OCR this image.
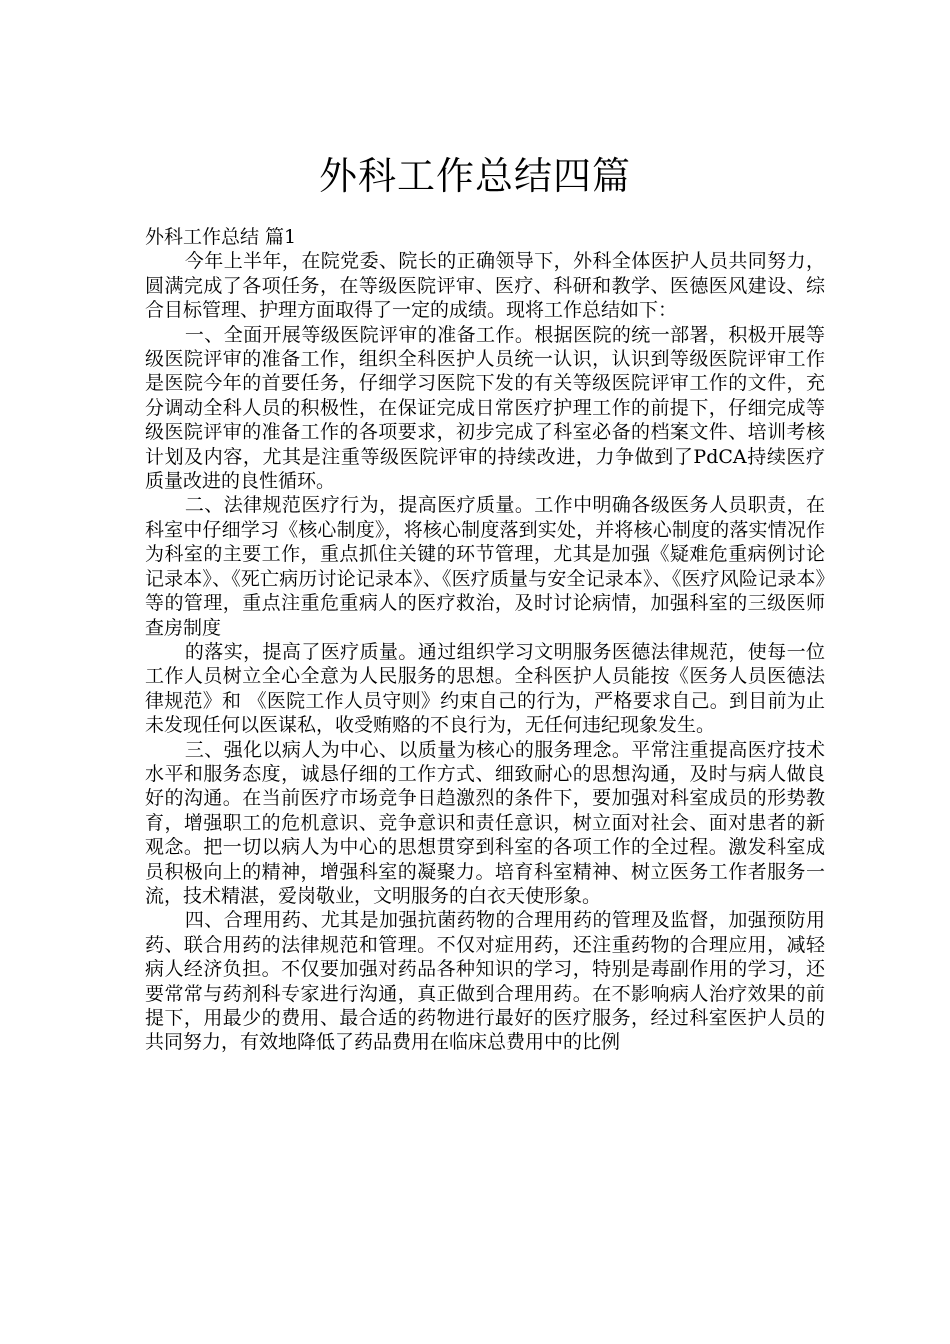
外科工作总结四篇

外科工作总结 篇1

今年上半年，在院党委、院长的正确领导下，外科全体医护人员共同努力，圆满完成了各项任务，在等级医院评审、医疗、科研和教学、医德医风建设、综合目标管理、护理方面取得了一定的成绩。现将工作总结如下：

一、全面开展等级医院评审的准备工作。根据医院的统一部署，积极开展等级医院评审的准备工作，组织全科医护人员统一认识，认识到等级医院评审工作是医院今年的首要任务，仔细学习医院下发的有关等级医院评审工作的文件，充分调动全科人员的积极性，在保证完成日常医疗护理工作的前提下，仔细完成等级医院评审的准备工作的各项要求，初步完成了科室必备的档案文件、培训考核计划及内容，尤其是注重等级医院评审的持续改进，力争做到了PdCA持续医疗质量改进的良性循环。

二、法律规范医疗行为，提高医疗质量。工作中明确各级医务人员职责，在科室中仔细学习《核心制度》，将核心制度落到实处，并将核心制度的落实情况作为科室的主要工作，重点抓住关键的环节管理，尤其是加强《疑难危重病例讨论记录本》、《死亡病历讨论记录本》、《医疗质量与安全记录本》、《医疗风险记录本》等的管理，重点注重危重病人的医疗救治，及时讨论病情，加强科室的三级医师查房制度

的落实，提高了医疗质量。通过组织学习文明服务医德法律规范，使每一位工作人员树立全心全意为人民服务的思想。全科医护人员能按《医务人员医德法律规范》和 《医院工作人员守则》约束自己的行为，严格要求自己。到目前为止未发现任何以医谋私，收受贿赂的不良行为，无任何违纪现象发生。

三、强化以病人为中心、以质量为核心的服务理念。平常注重提高医疗技术水平和服务态度，诚恳仔细的工作方式、细致耐心的思想沟通，及时与病人做良好的沟通。在当前医疗市场竞争日趋激烈的条件下，要加强对科室成员的形势教育，增强职工的危机意识、竞争意识和责任意识，树立面对社会、面对患者的新观念。把一切以病人为中心的思想贯穿到科室的各项工作的全过程。激发科室成员积极向上的精神，增强科室的凝聚力。培育科室精神、树立医务工作者服务一流，技术精湛，爱岗敬业，文明服务的白衣天使形象。

四、合理用药、尤其是加强抗菌药物的合理用药的管理及监督，加强预防用药、联合用药的法律规范和管理。不仅对症用药，还注重药物的合理应用，减轻病人经济负担。不仅要加强对药品各种知识的学习，特别是毒副作用的学习，还要常常与药剂科专家进行沟通，真正做到合理用药。在不影响病人治疗效果的前提下，用最少的费用、最合适的药物进行最好的医疗服务，经过科室医护人员的共同努力，有效地降低了药品费用在临床总费用中的比例
